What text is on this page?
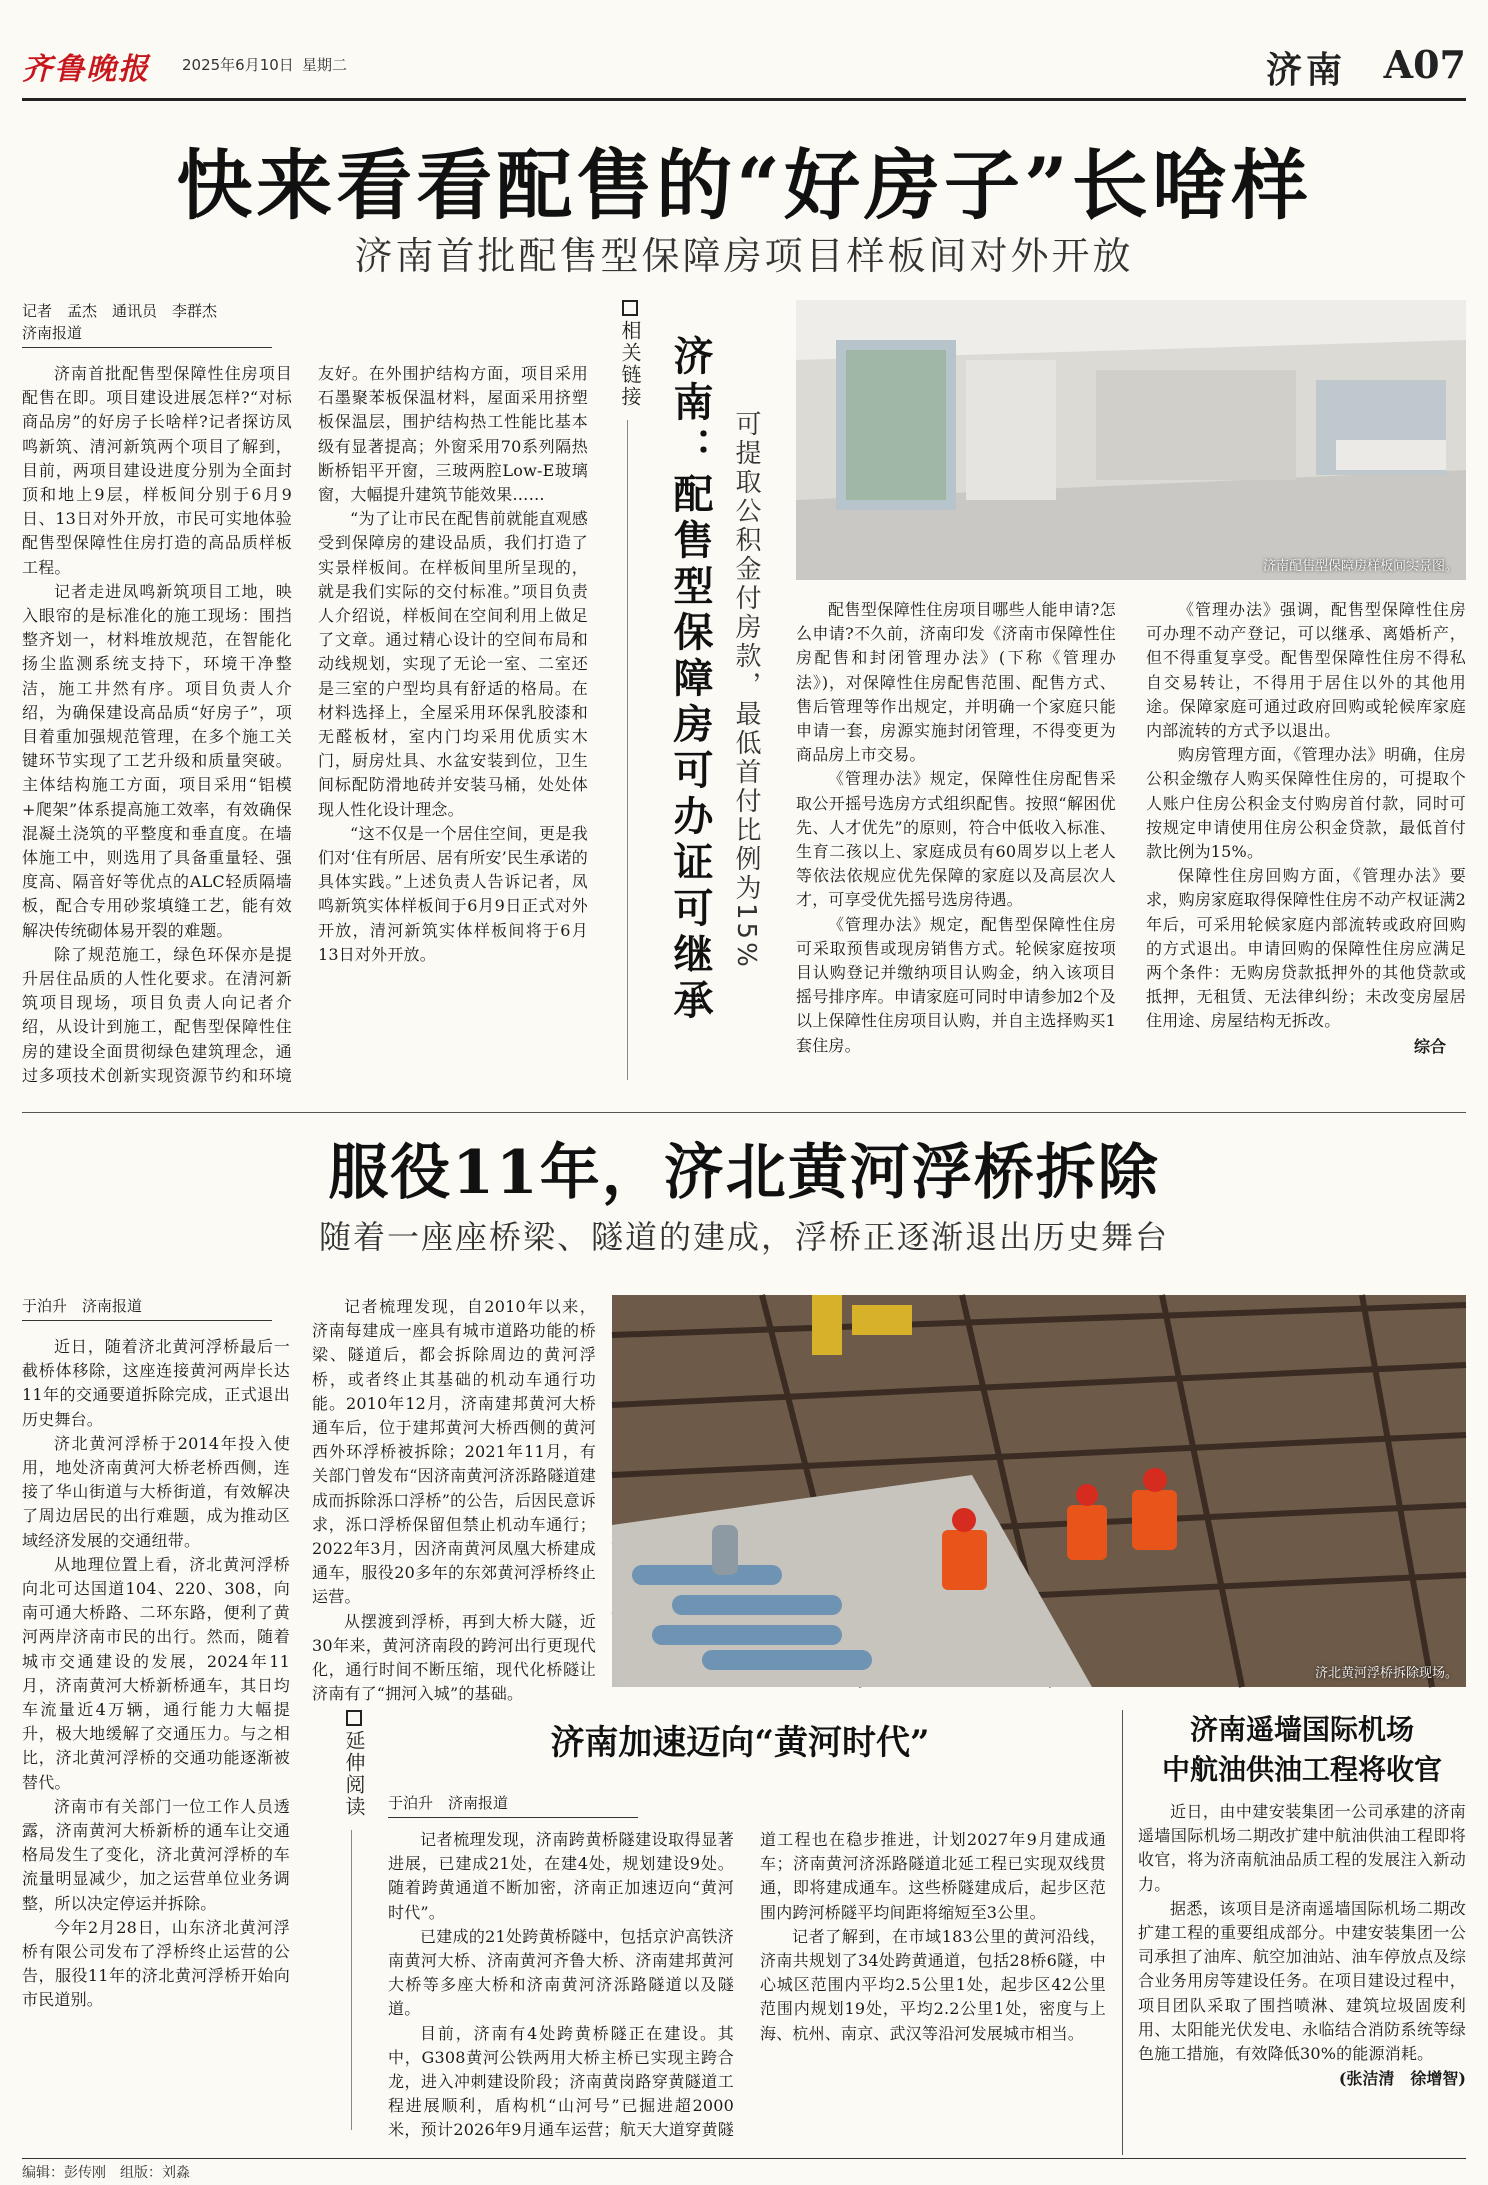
齐鲁晚报 2025年6月10日 星期二	济南 A07
快来看看配售的“好房子”长啥样
济南首批配售型保障房项目样板间对外开放
记者　孟杰　通讯员　李群杰
济南报道

济南首批配售型保障性住房项目配售在即。项目建设进展怎样?“对标商品房”的好房子长啥样?记者探访凤鸣新筑、清河新筑两个项目了解到，目前，两项目建设进度分别为全面封顶和地上9层，样板间分别于6月9日、13日对外开放，市民可实地体验配售型保障性住房打造的高品质样板工程。

记者走进凤鸣新筑项目工地，映入眼帘的是标准化的施工现场：围挡整齐划一，材料堆放规范，在智能化扬尘监测系统支持下，环境干净整洁，施工井然有序。项目负责人介绍，为确保建设高品质“好房子”，项目着重加强规范管理，在多个施工关键环节实现了工艺升级和质量突破。主体结构施工方面，项目采用“铝模+爬架”体系提高施工效率，有效确保混凝土浇筑的平整度和垂直度。在墙体施工中，则选用了具备重量轻、强度高、隔音好等优点的ALC轻质隔墙板，配合专用砂浆填缝工艺，能有效解决传统砌体易开裂的难题。

除了规范施工，绿色环保亦是提升居住品质的人性化要求。在清河新筑项目现场，项目负责人向记者介绍，从设计到施工，配售型保障性住房的建设全面贯彻绿色建筑理念，通过多项技术创新实现资源节约和环境友好。在外围护结构方面，项目采用石墨聚苯板保温材料，屋面采用挤塑板保温层，围护结构热工性能比基本级有显著提高；外窗采用70系列隔热断桥铝平开窗，三玻两腔Low-E玻璃窗，大幅提升建筑节能效果……

“为了让市民在配售前就能直观感受到保障房的建设品质，我们打造了实景样板间。在样板间里所呈现的，就是我们实际的交付标准。”项目负责人介绍说，样板间在空间利用上做足了文章。通过精心设计的空间布局和动线规划，实现了无论一室、二室还是三室的户型均具有舒适的格局。在材料选择上，全屋采用环保乳胶漆和无醛板材，室内门均采用优质实木门，厨房灶具、水盆安装到位，卫生间标配防滑地砖并安装马桶，处处体现人性化设计理念。

“这不仅是一个居住空间，更是我们对‘住有所居、居有所安’民生承诺的具体实践。”上述负责人告诉记者，凤鸣新筑实体样板间于6月9日正式对外开放，清河新筑实体样板间将于6月13日对外开放。

相关链接 济南：配售型保障房可办证可继承 可提取公积金付房款，最低首付比例为15%	济南配售型保障房样板间实景图。

配售型保障性住房项目哪些人能申请?怎么申请?不久前，济南印发《济南市保障性住房配售和封闭管理办法》(下称《管理办法》)，对保障性住房配售范围、配售方式、售后管理等作出规定，并明确一个家庭只能申请一套，房源实施封闭管理，不得变更为商品房上市交易。

《管理办法》规定，保障性住房配售采取公开摇号选房方式组织配售。按照“解困优先、人才优先”的原则，符合中低收入标准、生育二孩以上、家庭成员有60周岁以上老人等依法依规应优先保障的家庭以及高层次人才，可享受优先摇号选房待遇。

《管理办法》规定，配售型保障性住房可采取预售或现房销售方式。轮候家庭按项目认购登记并缴纳项目认购金，纳入该项目摇号排序库。申请家庭可同时申请参加2个及以上保障性住房项目认购，并自主选择购买1套住房。

《管理办法》强调，配售型保障性住房可办理不动产登记，可以继承、离婚析产，但不得重复享受。配售型保障性住房不得私自交易转让，不得用于居住以外的其他用途。保障家庭可通过政府回购或轮候库家庭内部流转的方式予以退出。

购房管理方面，《管理办法》明确，住房公积金缴存人购买保障性住房的，可提取个人账户住房公积金支付购房首付款，同时可按规定申请使用住房公积金贷款，最低首付款比例为15%。

保障性住房回购方面，《管理办法》要求，购房家庭取得保障性住房不动产权证满2年后，可采用轮候家庭内部流转或政府回购的方式退出。申请回购的保障性住房应满足两个条件：无购房贷款抵押外的其他贷款或抵押，无租赁、无法律纠纷；未改变房屋居住用途、房屋结构无拆改。

综合
服役11年，济北黄河浮桥拆除
随着一座座桥梁、隧道的建成，浮桥正逐渐退出历史舞台
于泊升　济南报道

近日，随着济北黄河浮桥最后一截桥体移除，这座连接黄河两岸长达11年的交通要道拆除完成，正式退出历史舞台。

济北黄河浮桥于2014年投入使用，地处济南黄河大桥老桥西侧，连接了华山街道与大桥街道，有效解决了周边居民的出行难题，成为推动区域经济发展的交通纽带。

从地理位置上看，济北黄河浮桥向北可达国道104、220、308，向南可通大桥路、二环东路，便利了黄河两岸济南市民的出行。然而，随着城市交通建设的发展，2024年11月，济南黄河大桥新桥通车，其日均车流量近4万辆，通行能力大幅提升，极大地缓解了交通压力。与之相比，济北黄河浮桥的交通功能逐渐被替代。

济南市有关部门一位工作人员透露，济南黄河大桥新桥的通车让交通格局发生了变化，济北黄河浮桥的车流量明显减少，加之运营单位业务调整，所以决定停运并拆除。

今年2月28日，山东济北黄河浮桥有限公司发布了浮桥终止运营的公告，服役11年的济北黄河浮桥开始向市民道别。

记者梳理发现，自2010年以来，济南每建成一座具有城市道路功能的桥梁、隧道后，都会拆除周边的黄河浮桥，或者终止其基础的机动车通行功能。2010年12月，济南建邦黄河大桥通车后，位于建邦黄河大桥西侧的黄河西外环浮桥被拆除；2021年11月，有关部门曾发布“因济南黄河济泺路隧道建成而拆除泺口浮桥”的公告，后因民意诉求，泺口浮桥保留但禁止机动车通行；2022年3月，因济南黄河凤凰大桥建成通车，服役20多年的东郊黄河浮桥终止运营。

从摆渡到浮桥，再到大桥大隧，近30年来，黄河济南段的跨河出行更现代化，通行时间不断压缩，现代化桥隧让济南有了“拥河入城”的基础。

济北黄河浮桥拆除现场。
延伸阅读	济南加速迈向“黄河时代”
于泊升　济南报道

记者梳理发现，济南跨黄桥隧建设取得显著进展，已建成21处，在建4处，规划建设9处。随着跨黄通道不断加密，济南正加速迈向“黄河时代”。

已建成的21处跨黄桥隧中，包括京沪高铁济南黄河大桥、济南黄河齐鲁大桥、济南建邦黄河大桥等多座大桥和济南黄河济泺路隧道以及隧道。

目前，济南有4处跨黄桥隧正在建设。其中，G308黄河公铁两用大桥主桥已实现主跨合龙，进入冲刺建设阶段；济南黄岗路穿黄隧道工程进展顺利，盾构机“山河号”已掘进超2000米，预计2026年9月通车运营；航天大道穿黄隧道工程也在稳步推进，计划2027年9月建成通车；济南黄河济泺路隧道北延工程已实现双线贯通，即将建成通车。这些桥隧建成后，起步区范围内跨河桥隧平均间距将缩短至3公里。

记者了解到，在市域183公里的黄河沿线，济南共规划了34处跨黄通道，包括28桥6隧，中心城区范围内平均2.5公里1处，起步区42公里范围内规划19处，平均2.2公里1处，密度与上海、杭州、南京、武汉等沿河发展城市相当。

济南遥墙国际机场
中航油供油工程将收官

近日，由中建安装集团一公司承建的济南遥墙国际机场二期改扩建中航油供油工程即将收官，将为济南航油品质工程的发展注入新动力。

据悉，该项目是济南遥墙国际机场二期改扩建工程的重要组成部分。中建安装集团一公司承担了油库、航空加油站、油车停放点及综合业务用房等建设任务。在项目建设过程中，项目团队采取了围挡喷淋、建筑垃圾固废利用、太阳能光伏发电、永临结合消防系统等绿色施工措施，有效降低30%的能源消耗。

(张洁清　徐增智)
编辑：彭传刚　组版：刘淼
